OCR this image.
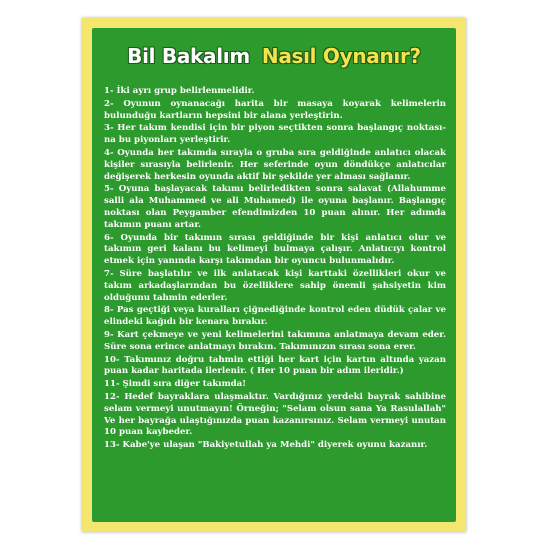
Bil Bakalım Nasıl Oynanır?

1- İki ayrı grup belirlenmelidir.

2- Oyunun oynanacağı harita bir masaya koyarak kelimelerin bulunduğu kartların hepsini bir alana yerleştirin.

3- Her takım kendisi için bir piyon seçtikten sonra başlangıç noktası-na bu piyonları yerleştirir.

4- Oyunda her takımda sırayla o gruba sıra geldiğinde anlatıcı olacak kişiler sırasıyla belirlenir. Her seferinde oyun döndükçe anlatıcılar değişerek herkesin oyunda aktif bir şekilde yer alması sağlanır.

5- Oyuna başlayacak takımı belirledikten sonra salavat (Allahumme salli ala Muhammed ve ali Muhamed) ile oyuna başlanır. Başlangıç noktası olan Peygamber efendimizden 10 puan alınır. Her adımda takımın puanı artar.

6- Oyunda bir takımın sırası geldiğinde bir kişi anlatıcı olur ve takımın geri kalanı bu kelimeyi bulmaya çalışır. Anlatıcıyı kontrol etmek için yanında karşı takımdan bir oyuncu bulunmalıdır.

7- Süre başlatılır ve ilk anlatacak kişi karttaki özellikleri okur ve takım arkadaşlarından bu özelliklere sahip önemli şahsiyetin kim olduğunu tahmin ederler.

8- Pas geçtiği veya kuralları çiğnediğinde kontrol eden düdük çalar ve elindeki kağıdı bir kenara bırakır.

9- Kart çekmeye ve yeni kelimelerini takımına anlatmaya devam eder. Süre sona erince anlatmayı bırakın. Takımınızın sırası sona erer.

10- Takımınız doğru tahmin ettiği her kart için kartın altında yazan puan kadar haritada ilerlenir. ( Her 10 puan bir adım ileridir.)

11- Şimdi sıra diğer takımda!

12- Hedef bayraklara ulaşmaktır. Vardığınız yerdeki bayrak sahibine selam vermeyi unutmayın! Örneğin; "Selam olsun sana Ya Rasulallah" Ve her bayrağa ulaştığınızda puan kazanırsınız. Selam vermeyi unutan 10 puan kaybeder.

13- Kabe'ye ulaşan "Bakiyetullah ya Mehdi" diyerek oyunu kazanır.
